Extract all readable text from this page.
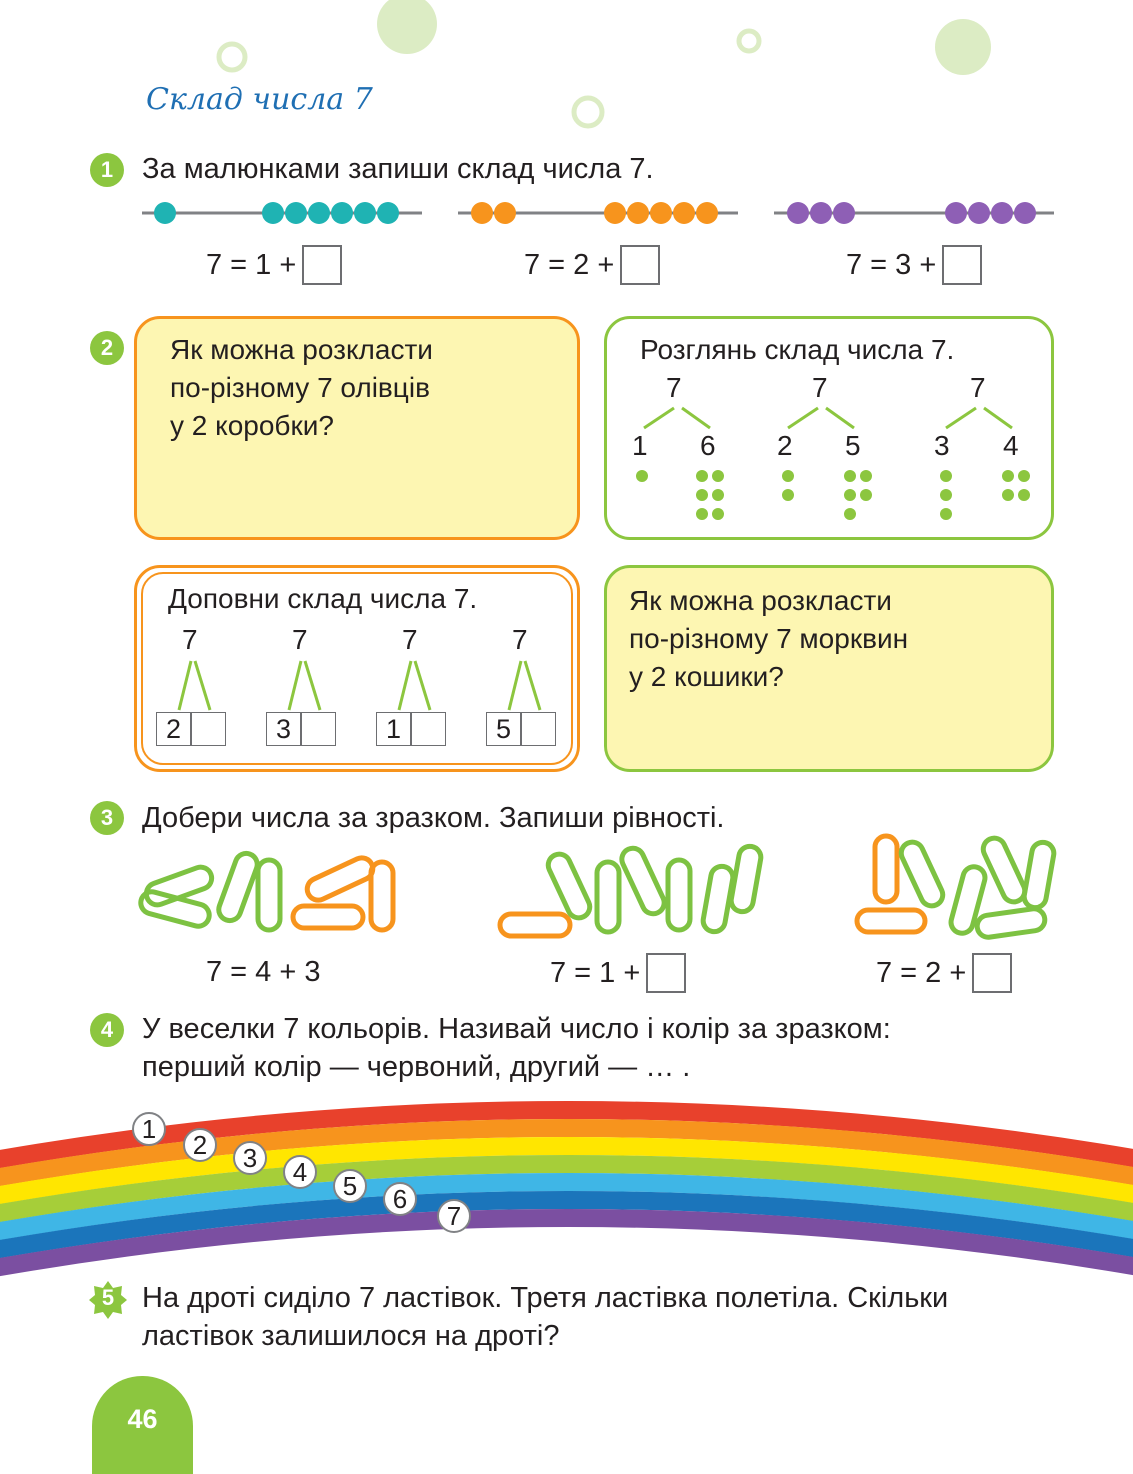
Склад числа 7
1 За малюнками запиши склад числа 7.
7 = 1 +	7 = 2 +	7 = 3 +
2	Як можна розкласти
по-різному 7 олівців
у 2 коробки?
Розглянь склад числа 7.
7
1 6
7
2 5
7
3 4
Доповни склад числа 7.
7	7	7	7
2	3	1	5
Як можна розкласти
по-різному 7 морквин
у 2 кошики?
3 Добери числа за зразком. Запиши рівності.
7 = 4 + 3	7 = 1 +	7 = 2 +
4 У веселки 7 кольорів. Називай число і колір за зразком:
перший колір — червоний, другий — … .
1
2	3	4	5	6
7
5 На дроті сиділо 7 ластівок. Третя ластівка полетіла. Скільки
ластівок залишилося на дроті?
46
